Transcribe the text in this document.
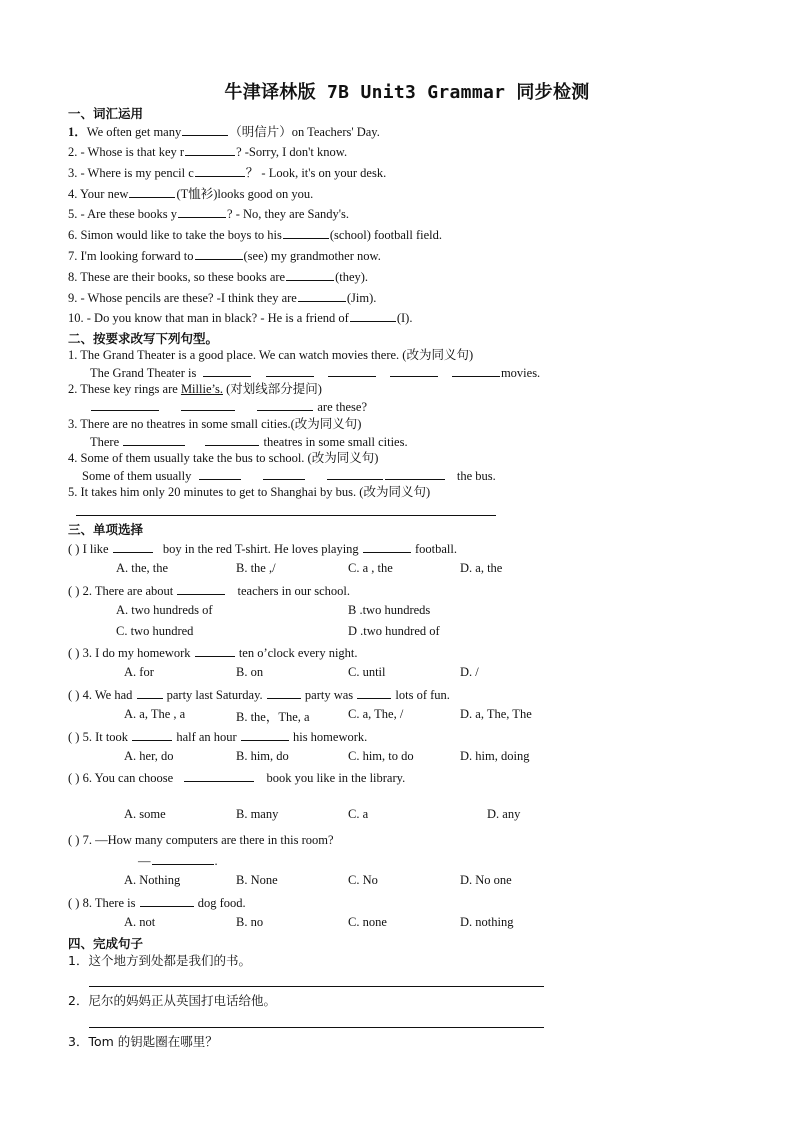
牛津译林版 7B Unit3 Grammar 同步检测
一、词汇运用
1．We often get many	（明信片）on Teachers' Day.
2. - Whose is that key r	? -Sorry, I don't know.
3. - Where is my pencil c	？ - Look, it's on your desk.
4. Your new	(T恤衫)looks good on you.
5. - Are these books y	? - No, they are Sandy's.
6. Simon would like to take the boys to his	(school) football field.
7. I'm looking forward to	(see) my grandmother now.
8. These are their books, so these books are	(they).
9. - Whose pencils are these? -I think they are	(Jim).
10. - Do you know that man in black? - He is a friend of	(I).
二、按要求改写下列句型。
1. The Grand Theater is a good place. We can watch movies there. (改为同义句)
The Grand Theater is	movies.
2. These key rings are Millie’s. (对划线部分提问)
are these?
3. There are no theatres in some small cities.(改为同义句)
There	theatres in some small cities.
4. Some of them usually take the bus to school. (改为同义句)
Some of them usually	the bus.
5. It takes him only 20 minutes to get to Shanghai by bus. (改为同义句)
三、单项选择
( ) I like	boy in the red T-shirt. He loves playing	football.
A. the, the	B. the ,/	C. a , the	D. a, the
( ) 2. There are about	teachers in our school.
A. two hundreds of	B .two hundreds
C. two hundred	D .two hundred of
( ) 3. I do my homework	ten o’clock every night.
A. for	B. on	C. until	D. /
( ) 4. We had	party last Saturday.	party was	lots of fun.
A. a, The , a	B. the，The, a	C. a, The, /	D. a, The, The
( ) 5. It took	half an hour	his homework.
A. her, do	B. him, do	C. him, to do	D. him, doing
( ) 6. You can choose	book you like in the library.
A. some	B. many	C. a	D. any
( ) 7. —How many computers are there in this room?
—	.
A. Nothing	B. None	C. No	D. No one
( ) 8. There is	dog food.
A. not	B. no	C. none	D. nothing
四、完成句子
1．这个地方到处都是我们的书。
2．尼尔的妈妈正从英国打电话给他。
3．Tom 的钥匙圈在哪里？
